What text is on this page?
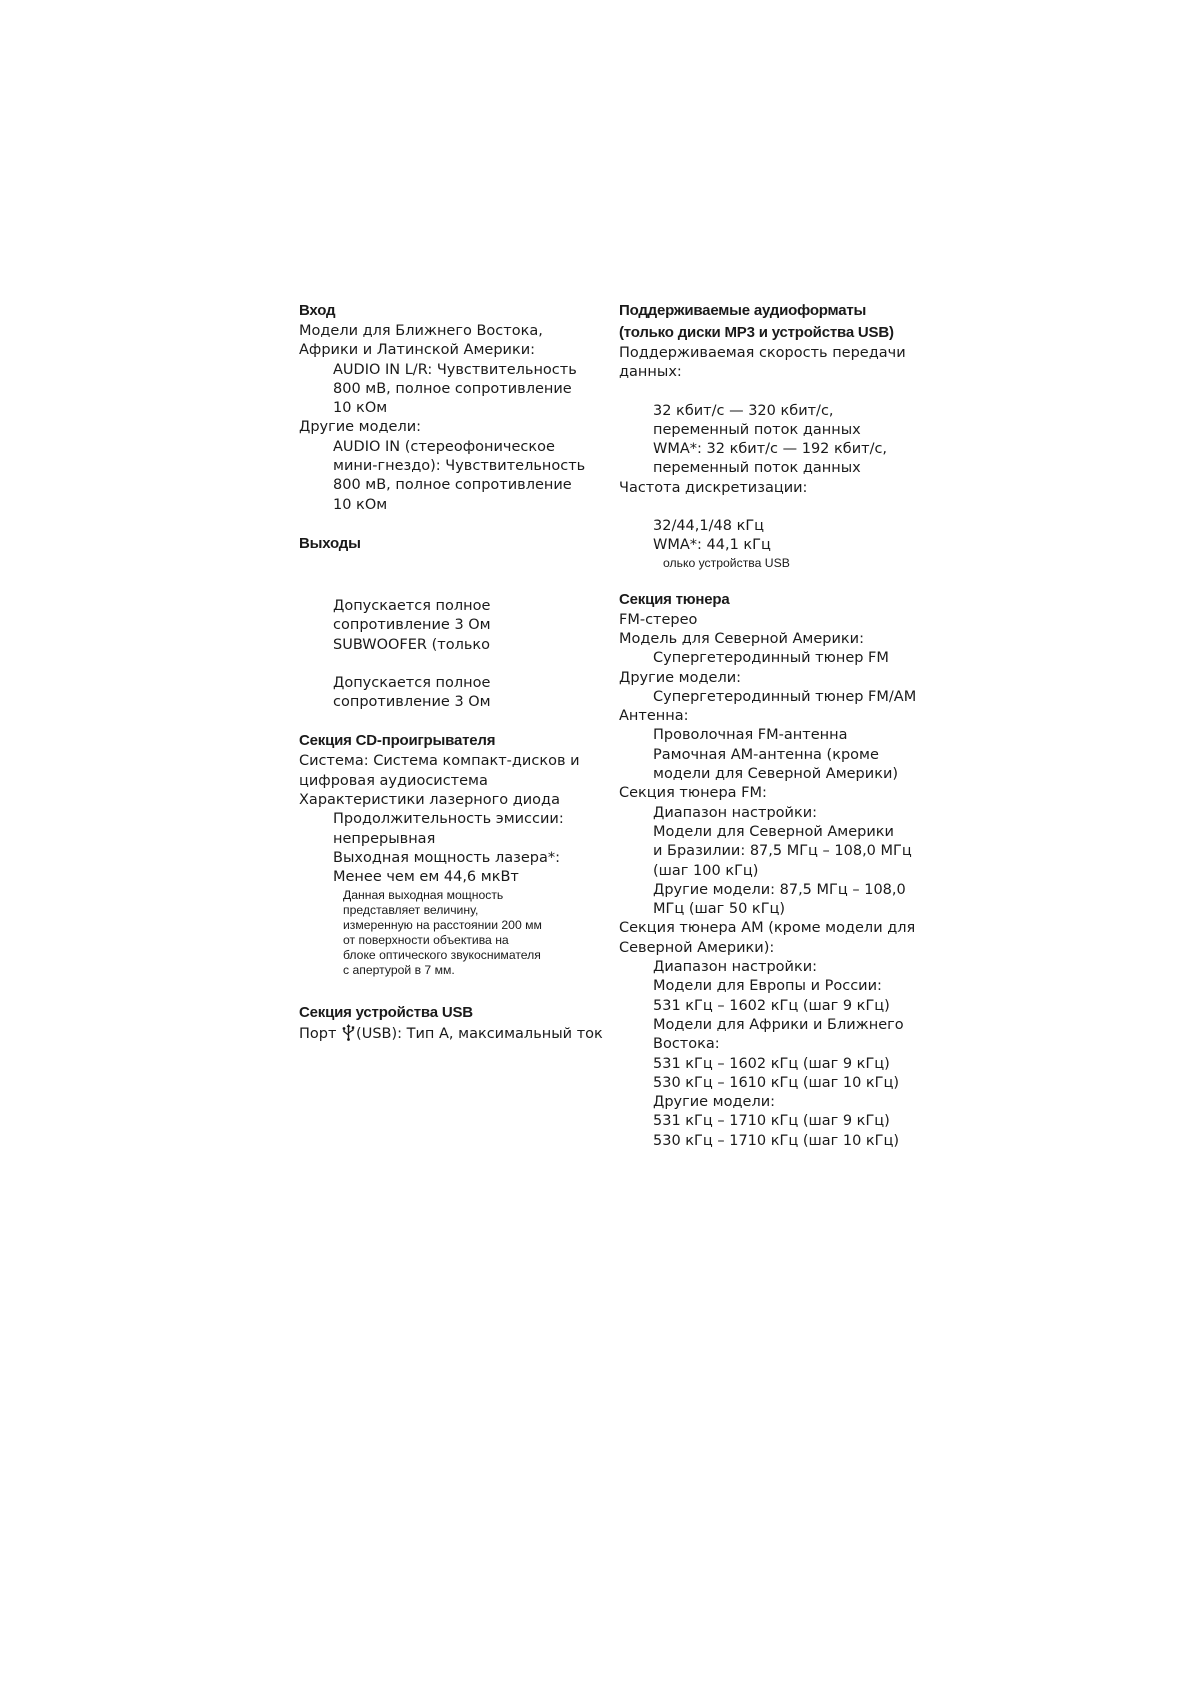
Вход
Модели для Ближнего Востока,
Африки и Латинской Америки:
AUDIO IN L/R: Чувствительность
800 мВ, полное сопротивление
10 кОм
Другие модели:
AUDIO IN (стереофоническое
мини-гнездо): Чувствительность
800 мВ, полное сопротивление
10 кОм
Выходы
Допускается полное
сопротивление 3 Ом
SUBWOOFER (только
Допускается полное
сопротивление 3 Ом
Секция CD-проигрывателя
Система: Система компакт-дисков и
цифровая аудиосистема
Характеристики лазерного диода
Продолжительность эмиссии:
непрерывная
Выходная мощность лазера*:
Менее чем ем 44,6 мкВт
Данная выходная мощность
представляет величину,
измеренную на расстоянии 200 мм
от поверхности объектива на
блоке оптического звукоснимателя
с апертурой в 7 мм.
Секция устройства USB
Порт (USB): Тип A, максимальный ток
Поддерживаемые аудиоформаты
(только диски MP3 и устройства USB)
Поддерживаемая скорость передачи
данных:
32 кбит/с — 320 кбит/с,
переменный поток данных
WMA*: 32 кбит/с — 192 кбит/с,
переменный поток данных
Частота дискретизации:
32/44,1/48 кГц
WMA*: 44,1 кГц
олько устройства USB
Секция тюнера
FM-стерео
Модель для Северной Америки:
Супергетеродинный тюнер FM
Другие модели:
Супергетеродинный тюнер FM/AM
Антенна:
Проволочная FM-антенна
Рамочная AM-антенна (кроме
модели для Северной Америки)
Секция тюнера FM:
Диапазон настройки:
Модели для Северной Америки
и Бразилии: 87,5 МГц – 108,0 МГц
(шаг 100 кГц)
Другие модели: 87,5 МГц – 108,0
МГц (шаг 50 кГц)
Секция тюнера AM (кроме модели для
Северной Америки):
Диапазон настройки:
Модели для Европы и России:
531 кГц – 1602 кГц (шаг 9 кГц)
Модели для Африки и Ближнего
Востока:
531 кГц – 1602 кГц (шаг 9 кГц)
530 кГц – 1610 кГц (шаг 10 кГц)
Другие модели:
531 кГц – 1710 кГц (шаг 9 кГц)
530 кГц – 1710 кГц (шаг 10 кГц)
